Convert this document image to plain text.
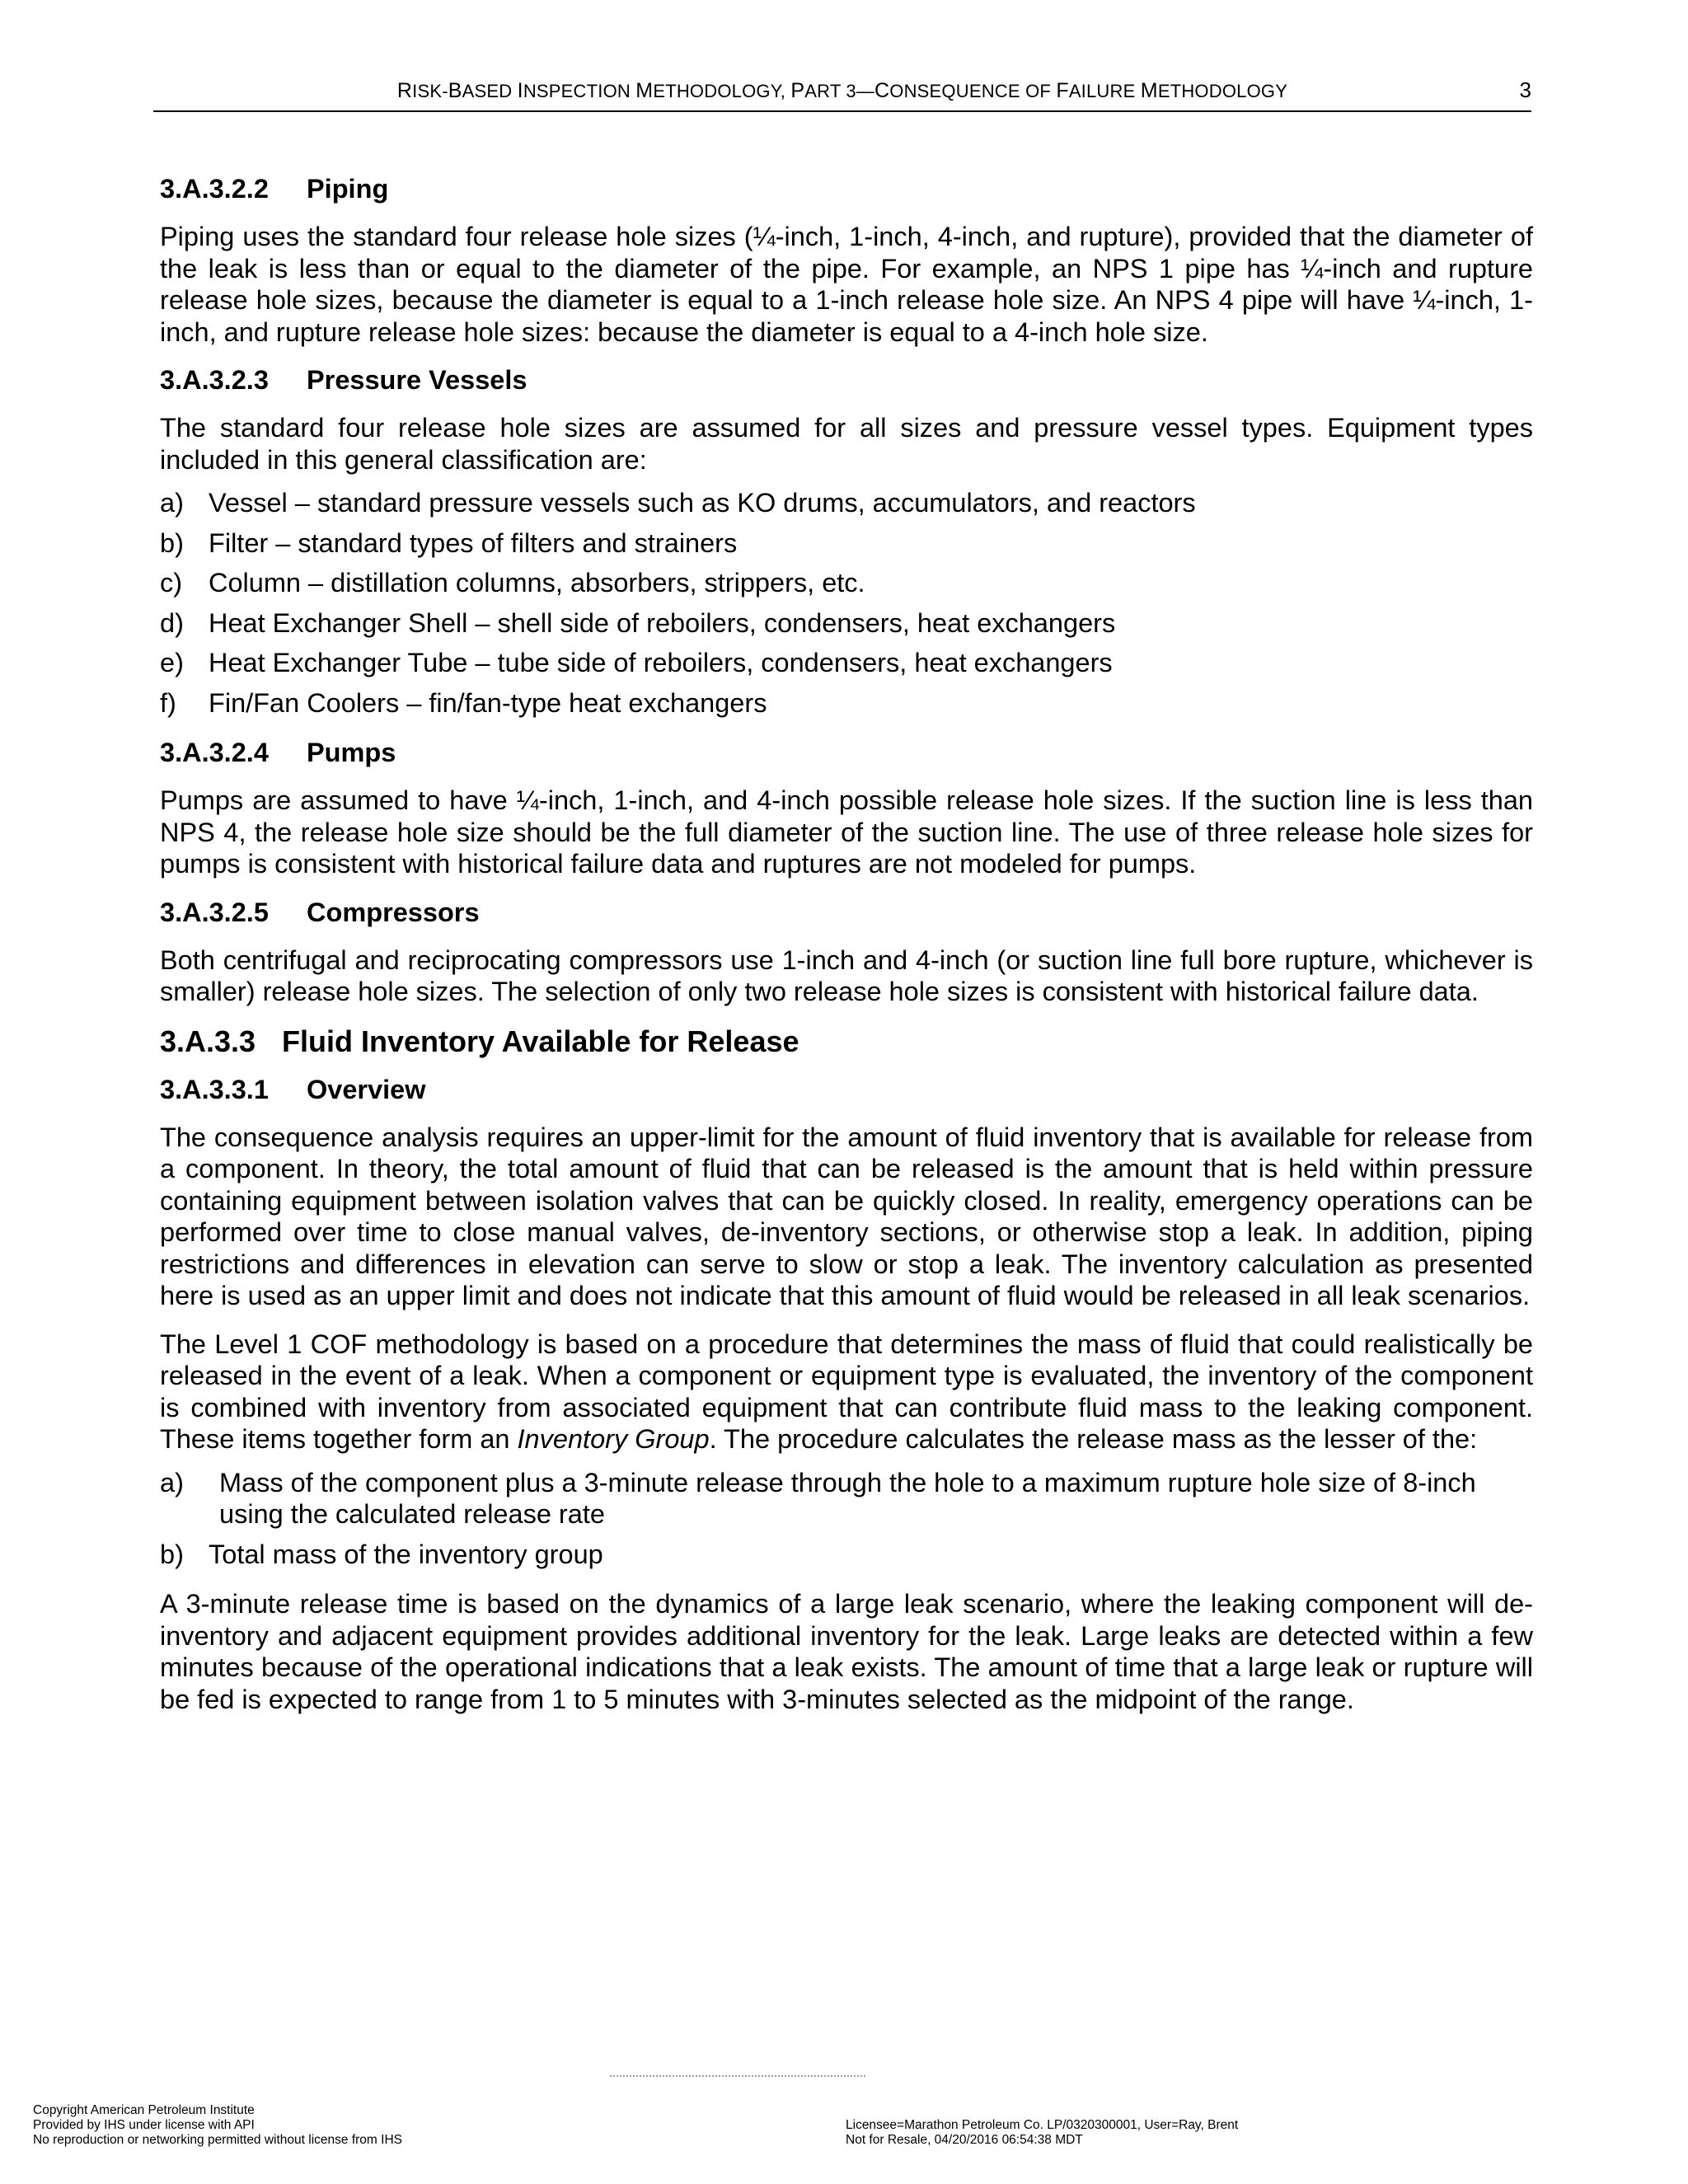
RISK-BASED INSPECTION METHODOLOGY, PART 3—CONSEQUENCE OF FAILURE METHODOLOGY	3
3.A.3.2.2 Piping

Piping uses the standard four release hole sizes (¼-inch, 1-inch, 4-inch, and rupture), provided that the diameter of the leak is less than or equal to the diameter of the pipe. For example, an NPS 1 pipe has ¼-inch and rupture release hole sizes, because the diameter is equal to a 1-inch release hole size. An NPS 4 pipe will have ¼-inch, 1-inch, and rupture release hole sizes: because the diameter is equal to a 4-inch hole size.

3.A.3.2.3 Pressure Vessels

The standard four release hole sizes are assumed for all sizes and pressure vessel types. Equipment types included in this general classification are:

a) Vessel – standard pressure vessels such as KO drums, accumulators, and reactors
b) Filter – standard types of filters and strainers
c) Column – distillation columns, absorbers, strippers, etc.
d) Heat Exchanger Shell – shell side of reboilers, condensers, heat exchangers
e) Heat Exchanger Tube – tube side of reboilers, condensers, heat exchangers
f) Fin/Fan Coolers – fin/fan-type heat exchangers
3.A.3.2.4 Pumps

Pumps are assumed to have ¼-inch, 1-inch, and 4-inch possible release hole sizes. If the suction line is less than NPS 4, the release hole size should be the full diameter of the suction line. The use of three release hole sizes for pumps is consistent with historical failure data and ruptures are not modeled for pumps.

3.A.3.2.5 Compressors

Both centrifugal and reciprocating compressors use 1-inch and 4-inch (or suction line full bore rupture, whichever is smaller) release hole sizes. The selection of only two release hole sizes is consistent with historical failure data.

3.A.3.3 Fluid Inventory Available for Release
3.A.3.3.1 Overview

The consequence analysis requires an upper-limit for the amount of fluid inventory that is available for release from a component. In theory, the total amount of fluid that can be released is the amount that is held within pressure containing equipment between isolation valves that can be quickly closed. In reality, emergency operations can be performed over time to close manual valves, de-inventory sections, or otherwise stop a leak. In addition, piping restrictions and differences in elevation can serve to slow or stop a leak. The inventory calculation as presented here is used as an upper limit and does not indicate that this amount of fluid would be released in all leak scenarios.

The Level 1 COF methodology is based on a procedure that determines the mass of fluid that could realistically be released in the event of a leak. When a component or equipment type is evaluated, the inventory of the component is combined with inventory from associated equipment that can contribute fluid mass to the leaking component. These items together form an Inventory Group. The procedure calculates the release mass as the lesser of the:

a) Mass of the component plus a 3-minute release through the hole to a maximum rupture hole size of 8-inch using the calculated release rate
b) Total mass of the inventory group

A 3-minute release time is based on the dynamics of a large leak scenario, where the leaking component will de-inventory and adjacent equipment provides additional inventory for the leak. Large leaks are detected within a few minutes because of the operational indications that a leak exists. The amount of time that a large leak or rupture will be fed is expected to range from 1 to 5 minutes with 3-minutes selected as the midpoint of the range.

Copyright American Petroleum Institute
Provided by IHS under license with API
No reproduction or networking permitted without license from IHS
Licensee=Marathon Petroleum Co. LP/0320300001, User=Ray, Brent
Not for Resale, 04/20/2016 06:54:38 MDT
